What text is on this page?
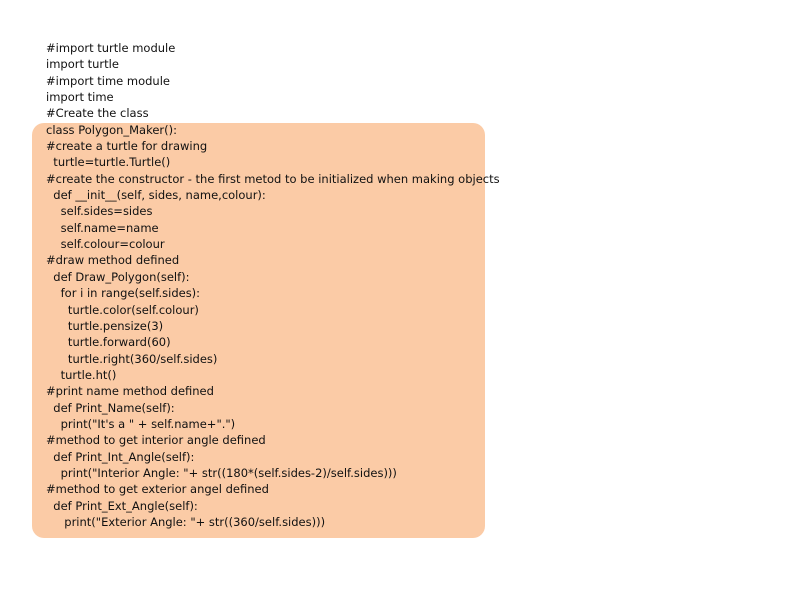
#import turtle module
import turtle
#import time module
import time
#Create the class
class Polygon_Maker():
#create a turtle for drawing
turtle=turtle.Turtle()
#create the constructor - the first metod to be initialized when making objects
def __init__(self, sides, name,colour):
self.sides=sides
self.name=name
self.colour=colour
#draw method defined
def Draw_Polygon(self):
for i in range(self.sides):
turtle.color(self.colour)
turtle.pensize(3)
turtle.forward(60)
turtle.right(360/self.sides)
turtle.ht()
#print name method defined
def Print_Name(self):
print("It's a " + self.name+".")
#method to get interior angle defined
def Print_Int_Angle(self):
print("Interior Angle: "+ str((180*(self.sides-2)/self.sides)))
#method to get exterior angel defined
def Print_Ext_Angle(self):
print("Exterior Angle: "+ str((360/self.sides)))
